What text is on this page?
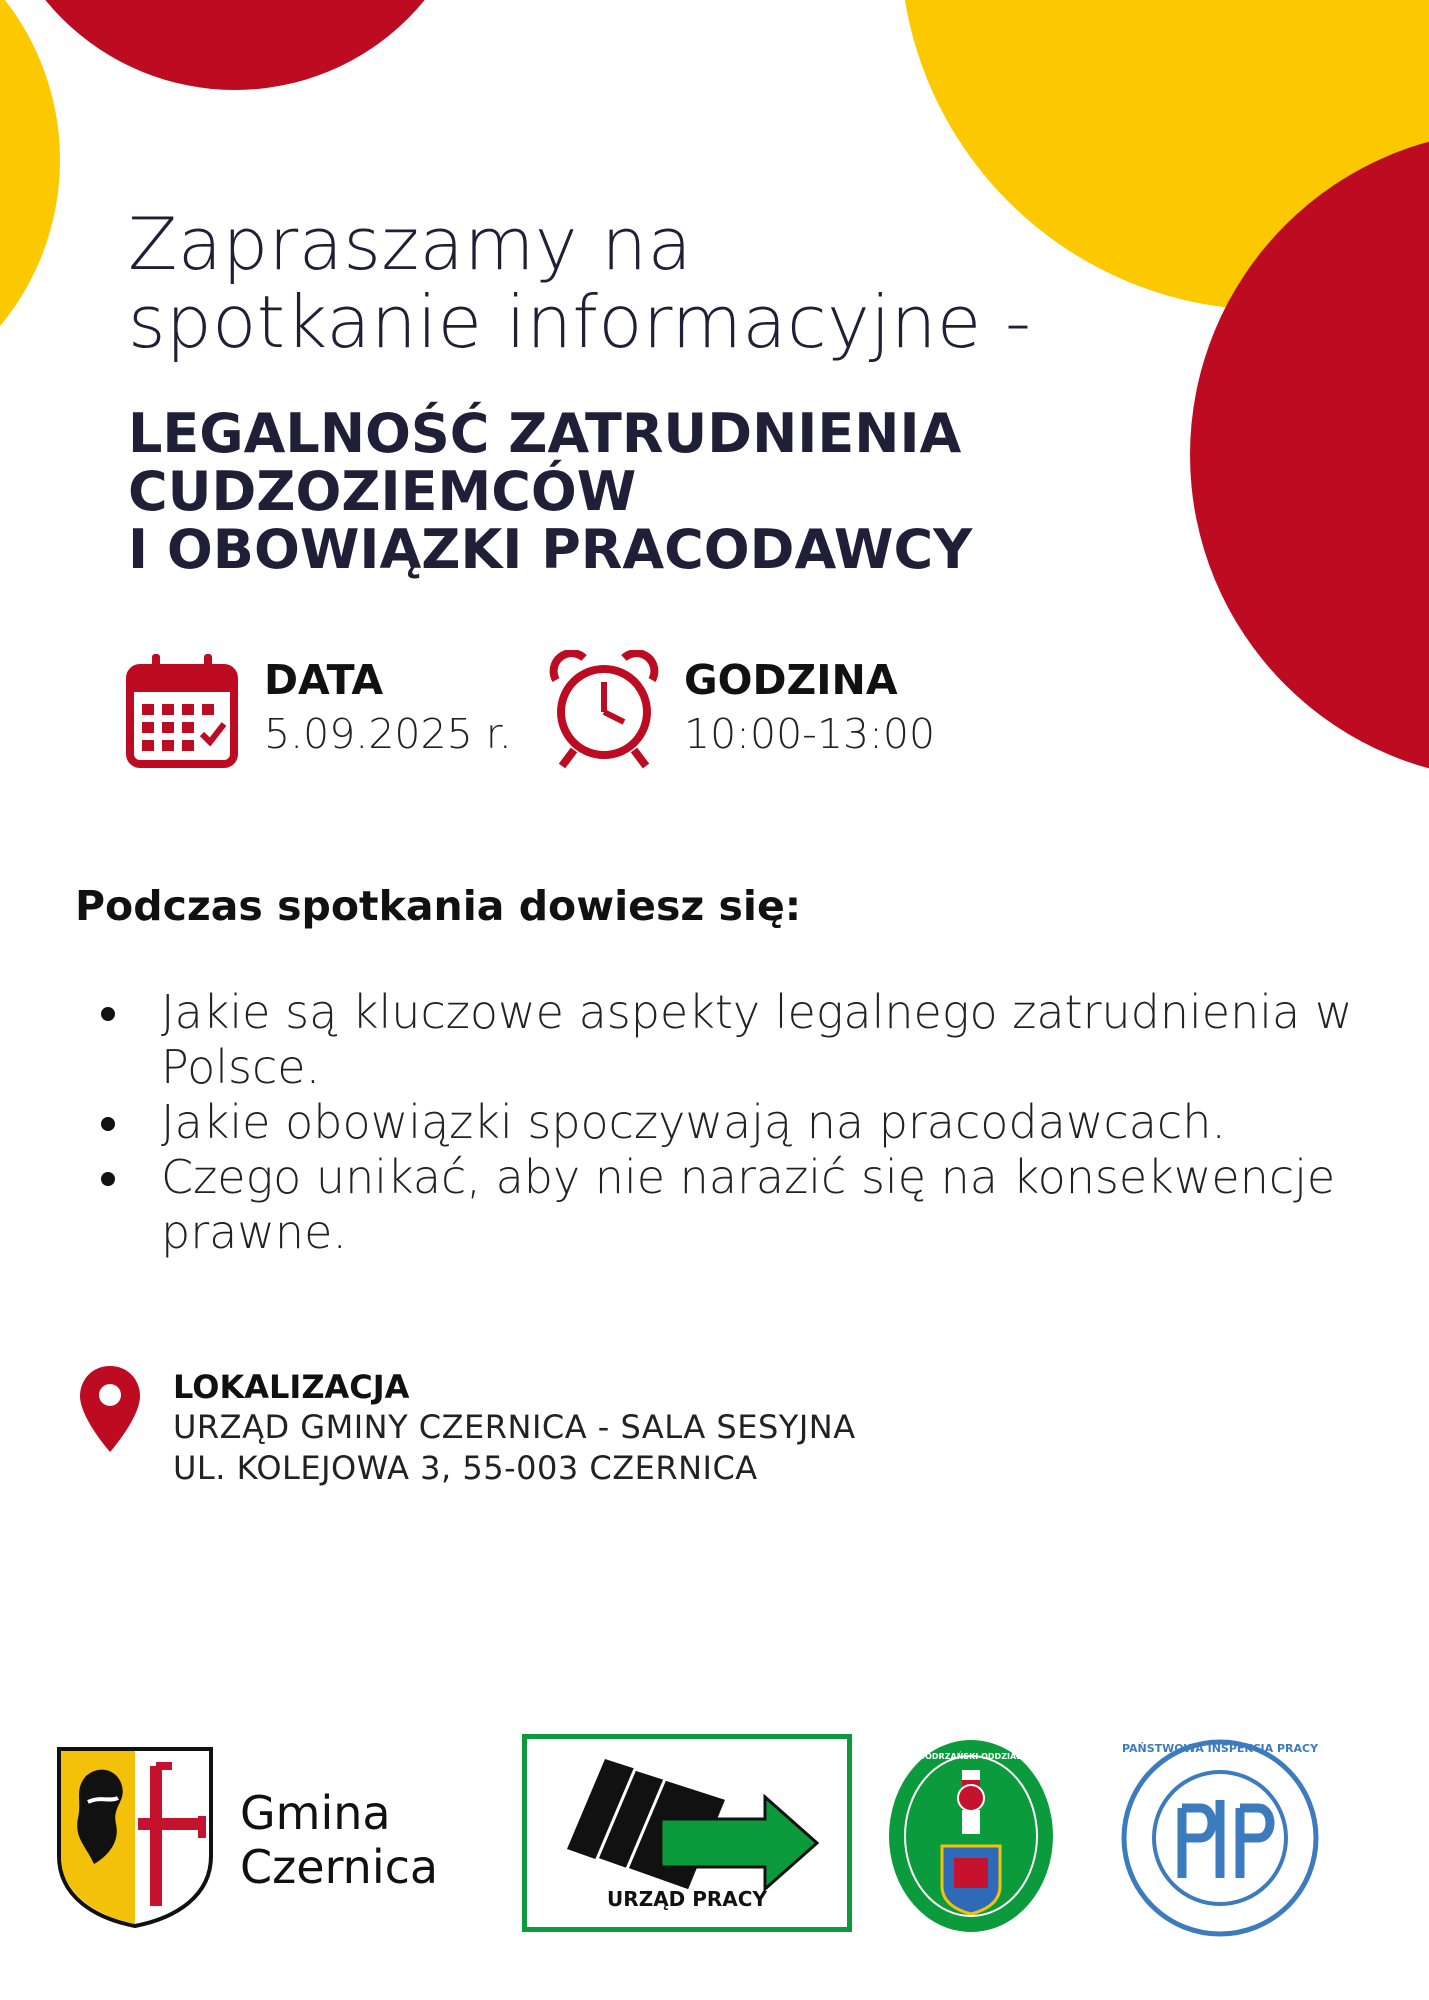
Zapraszamy na
spotkanie informacyjne -
LEGALNOŚĆ ZATRUDNIENIA
CUDZOZIEMCÓW
I OBOWIĄZKI PRACODAWCY
DATA
5.09.2025 r.
GODZINA
10:00-13:00
Podczas spotkania dowiesz się:
Jakie są kluczowe aspekty legalnego zatrudnienia w Polsce.
Jakie obowiązki spoczywają na pracodawcach.
Czego unikać, aby nie narazić się na konsekwencje prawne.
LOKALIZACJA
URZĄD GMINY CZERNICA - SALA SESYJNA
UL. KOLEJOWA 3, 55-003 CZERNICA
Gmina
Czernica
URZĄD PRACY
NADODRZAŃSKI ODDZIAŁ SG
PAŃSTWOWA INSPEKCJA PRACY
